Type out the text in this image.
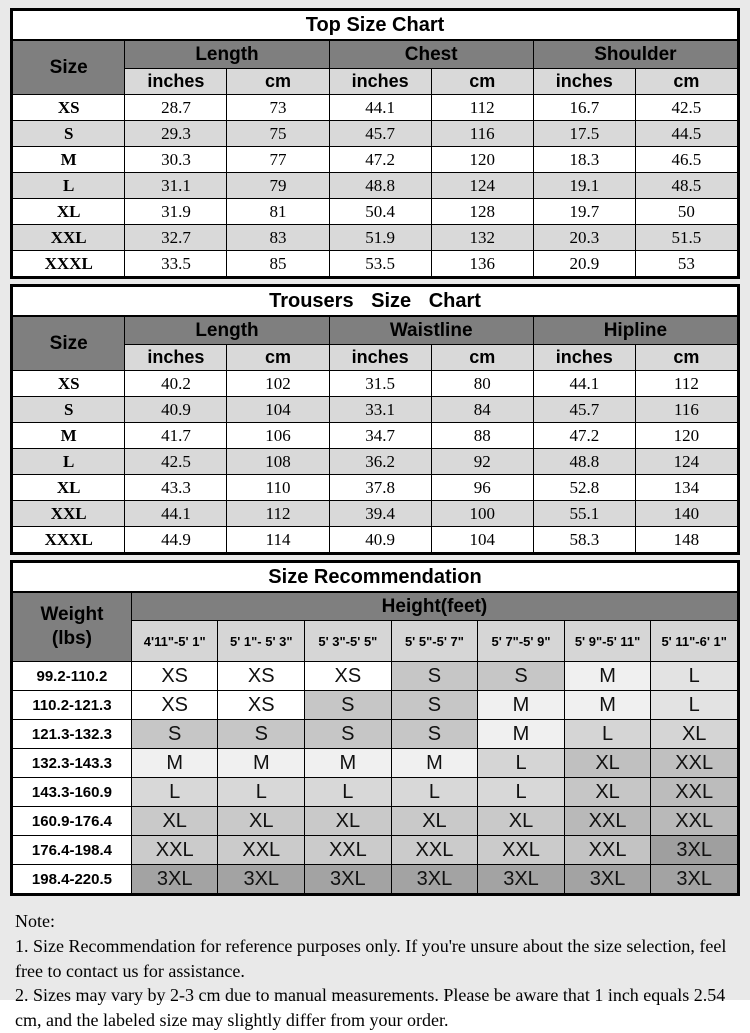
Top Size Chart						
Size	Length		Chest		Shoulder	
	inches	cm	inches	cm	inches	cm
XS	28.7	73	44.1	112	16.7	42.5
S	29.3	75	45.7	116	17.5	44.5
M	30.3	77	47.2	120	18.3	46.5
L	31.1	79	48.8	124	19.1	48.5
XL	31.9	81	50.4	128	19.7	50
XXL	32.7	83	51.9	132	20.3	51.5
XXXL	33.5	85	53.5	136	20.9	53
Trousers Size Chart						
Size	Length		Waistline		Hipline	
	inches	cm	inches	cm	inches	cm
XS	40.2	102	31.5	80	44.1	112
S	40.9	104	33.1	84	45.7	116
M	41.7	106	34.7	88	47.2	120
L	42.5	108	36.2	92	48.8	124
XL	43.3	110	37.8	96	52.8	134
XXL	44.1	112	39.4	100	55.1	140
XXXL	44.9	114	40.9	104	58.3	148
Size Recommendation							

Weight
(lbs)	Height(feet)						
	4'11"-5' 1"	5' 1"- 5' 3"	5' 3"-5' 5"	5' 5"-5' 7"	5' 7"-5' 9"	5' 9"-5' 11"	5' 11"-6' 1"
99.2-110.2	XS	XS	XS	S	S	M	L
110.2-121.3	XS	XS	S	S	M	M	L
121.3-132.3	S	S	S	S	M	L	XL
132.3-143.3	M	M	M	M	L	XL	XXL
143.3-160.9	L	L	L	L	L	XL	XXL
160.9-176.4	XL	XL	XL	XL	XL	XXL	XXL
176.4-198.4	XXL	XXL	XXL	XXL	XXL	XXL	3XL
198.4-220.5	3XL	3XL	3XL	3XL	3XL	3XL	3XL

Note:

1. Size Recommendation for reference purposes only. If you're unsure about the size selection, feel free to contact us for assistance.

2. Sizes may vary by 2-3 cm due to manual measurements. Please be aware that 1 inch equals 2.54 cm, and the labeled size may slightly differ from your order.
